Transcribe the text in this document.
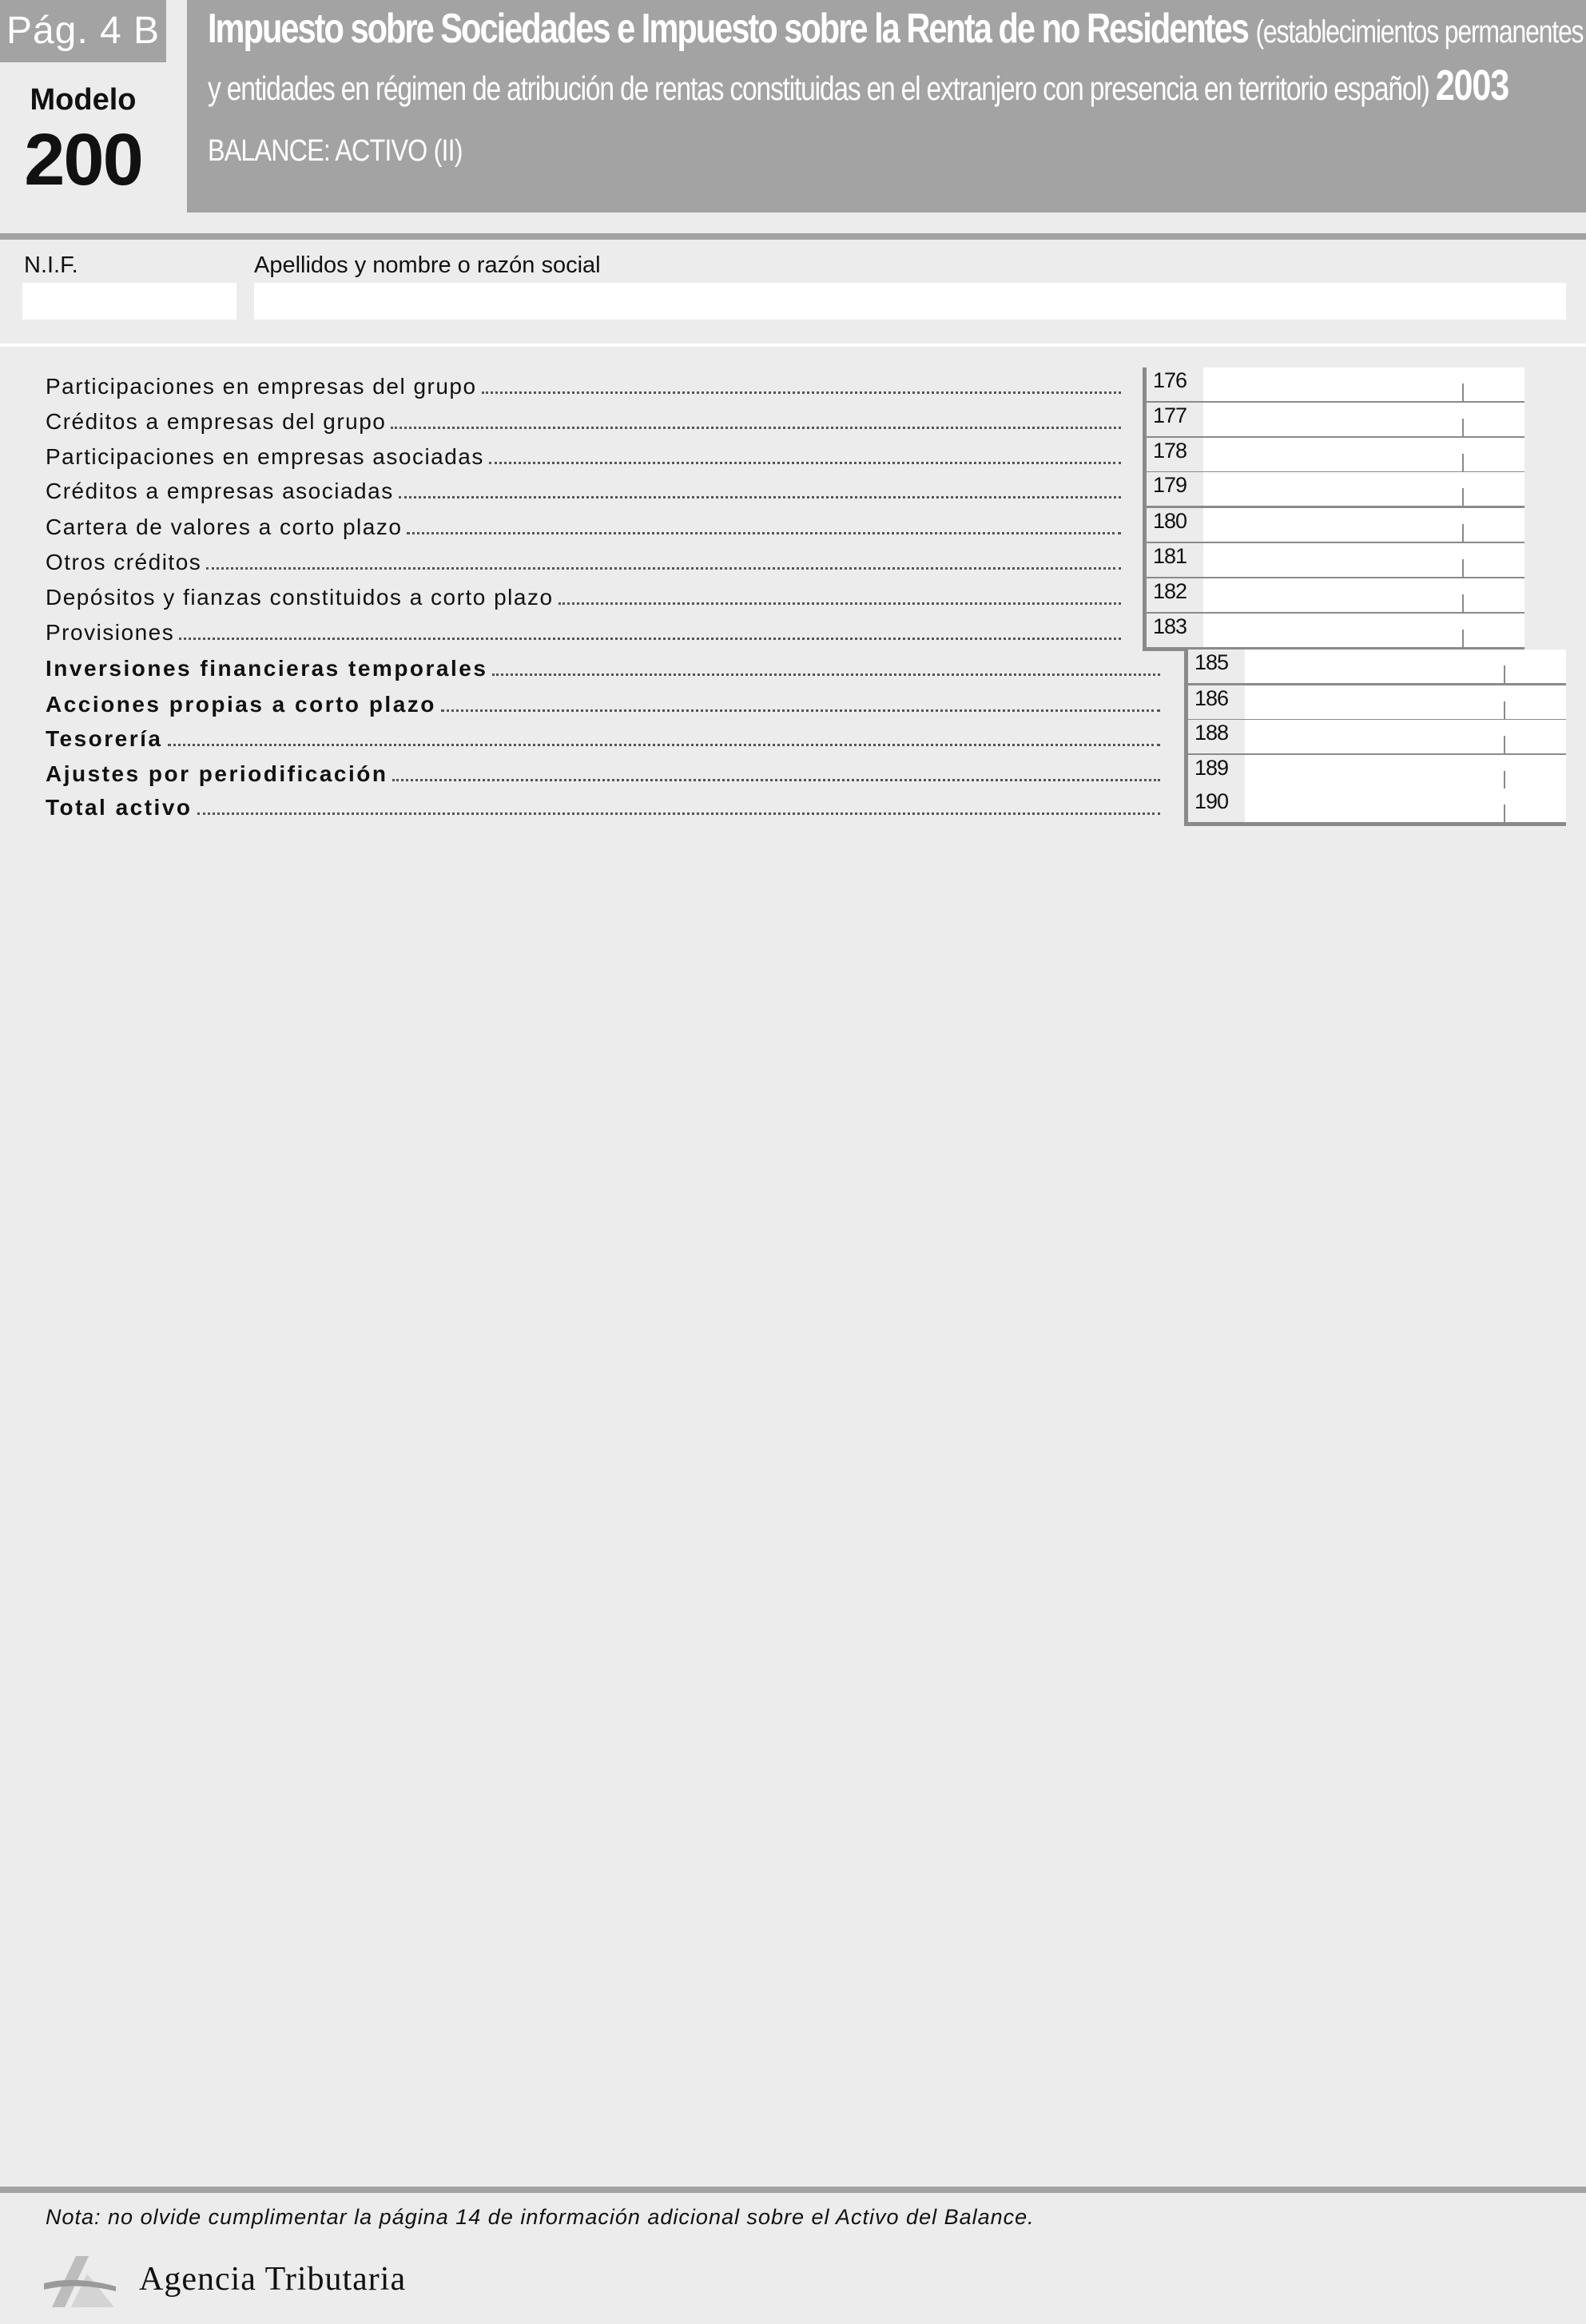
Pág. 4 B
Modelo
200
Impuesto sobre Sociedades e Impuesto sobre la Renta de no Residentes (establecimientos permanentes
y entidades en régimen de atribución de rentas constituidas en el extranjero con presencia en territorio español) 2003
BALANCE: ACTIVO (II)
N.I.F.	Apellidos y nombre o razón social
Participaciones en empresas del grupo	176
Créditos a empresas del grupo	177
Participaciones en empresas asociadas	178
Créditos a empresas asociadas	179
Cartera de valores a corto plazo	180
Otros créditos	181
Depósitos y fianzas constituidos a corto plazo	182
Provisiones	183
Inversiones financieras temporales	185
Acciones propias a corto plazo	186
Tesorería	188
Ajustes por periodificación	189
Total activo	190
Nota: no olvide cumplimentar la página 14 de información adicional sobre el Activo del Balance.
Agencia Tributaria
